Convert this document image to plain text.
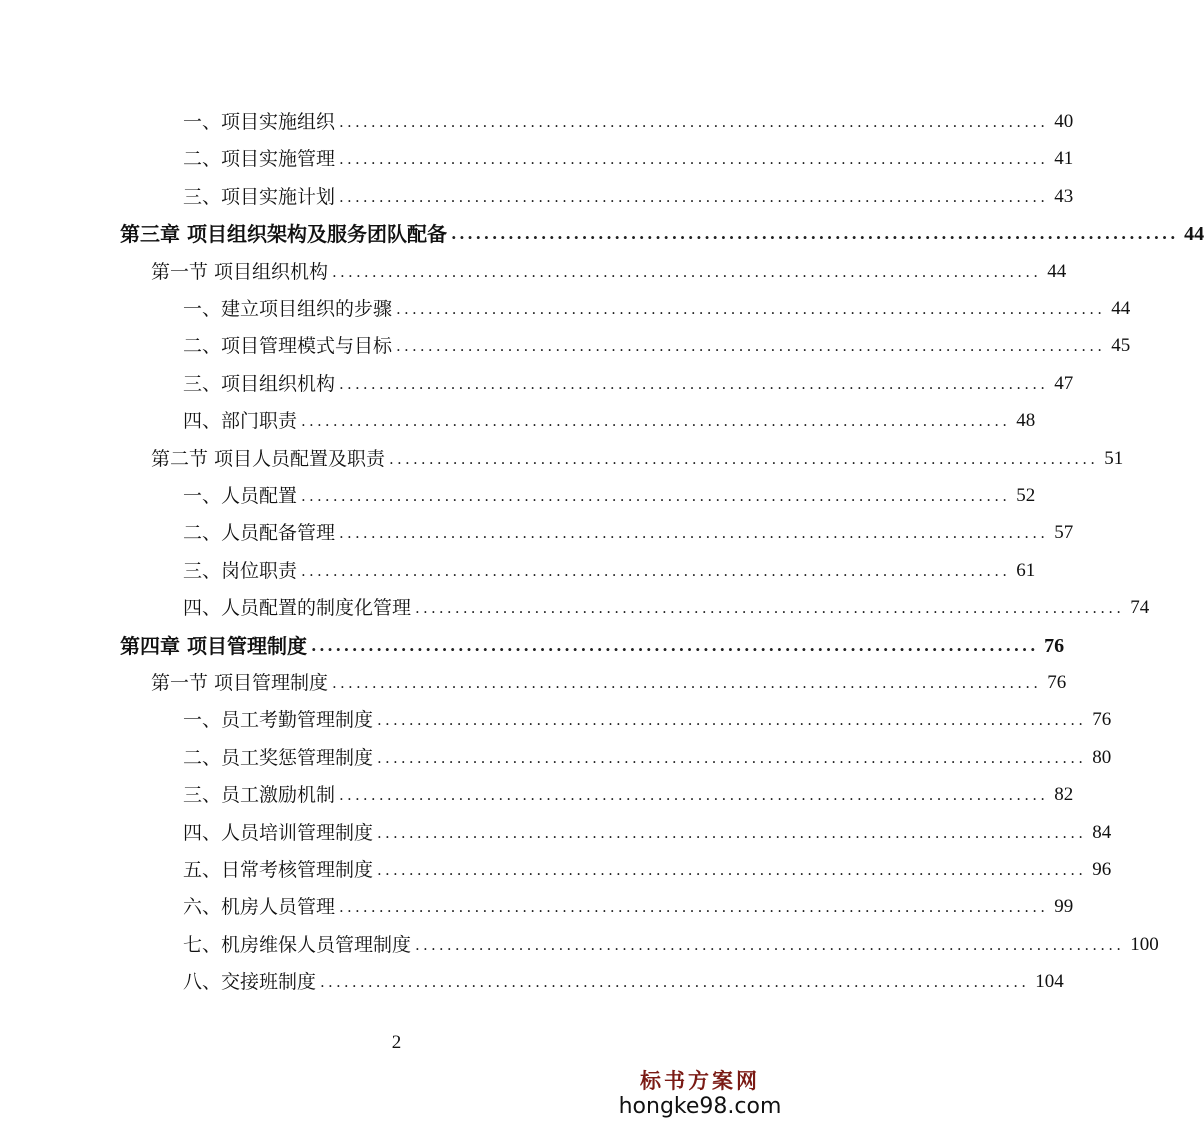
一、项目实施组织 ......................................................................................... 40
二、项目实施管理 ......................................................................................... 41
三、项目实施计划 ......................................................................................... 43
第三章 项目组织架构及服务团队配备 ......................................................................................... 44
第一节 项目组织机构 ......................................................................................... 44
一、建立项目组织的步骤 ......................................................................................... 44
二、项目管理模式与目标 ......................................................................................... 45
三、项目组织机构 ......................................................................................... 47
四、部门职责 ......................................................................................... 48
第二节 项目人员配置及职责 ......................................................................................... 51
一、人员配置 ......................................................................................... 52
二、人员配备管理 ......................................................................................... 57
三、岗位职责 ......................................................................................... 61
四、人员配置的制度化管理 ......................................................................................... 74
第四章 项目管理制度 ......................................................................................... 76
第一节 项目管理制度 ......................................................................................... 76
一、员工考勤管理制度 ......................................................................................... 76
二、员工奖惩管理制度 ......................................................................................... 80
三、员工激励机制 ......................................................................................... 82
四、人员培训管理制度 ......................................................................................... 84
五、日常考核管理制度 ......................................................................................... 96
六、机房人员管理 ......................................................................................... 99
七、机房维保人员管理制度 ......................................................................................... 100
八、交接班制度 ......................................................................................... 104
2
标书方案网
hongke98.com
